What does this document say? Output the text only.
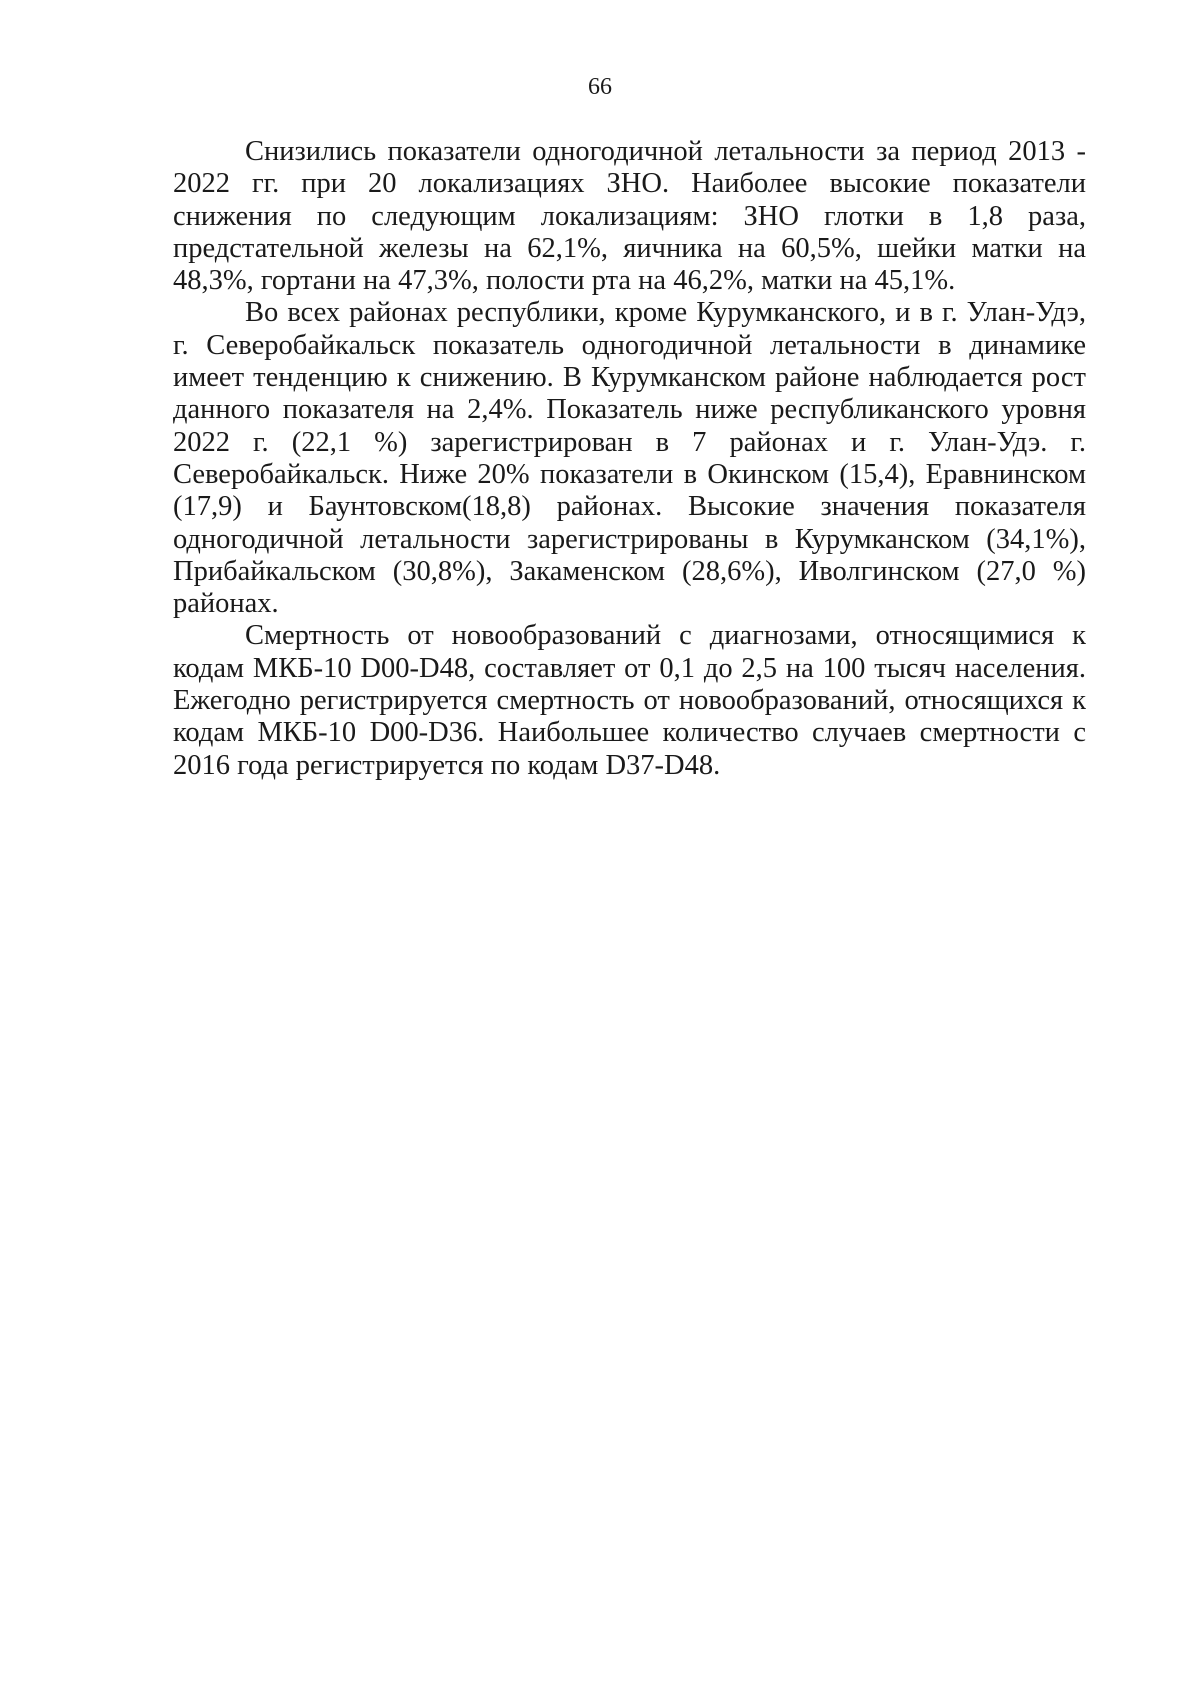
66

Снизились показатели одногодичной летальности за период 2013 - 2022 гг. при 20 локализациях ЗНО. Наиболее высокие показатели снижения по следующим локализациям: ЗНО глотки в 1,8 раза, предстательной железы на 62,1%, яичника на 60,5%, шейки матки на 48,3%, гортани на 47,3%, полости рта на 46,2%, матки на 45,1%.

Во всех районах республики, кроме Курумканского, и в г. Улан-Удэ, г. Северобайкальск показатель одногодичной летальности в динамике имеет тенденцию к снижению. В Курумканском районе наблюдается рост данного показателя на 2,4%. Показатель ниже республиканского уровня 2022 г. (22,1 %) зарегистрирован в 7 районах и г. Улан-Удэ. г. Северобайкальск. Ниже 20% показатели в Окинском (15,4), Еравнинском (17,9) и Баунтовском(18,8) районах. Высокие значения показателя одногодичной летальности зарегистрированы в Курумканском (34,1%), Прибайкальском (30,8%), Закаменском (28,6%), Иволгинском (27,0 %) районах.

Смертность от новообразований с диагнозами, относящимися к кодам МКБ-10 D00-D48, составляет от 0,1 до 2,5 на 100 тысяч населения. Ежегодно регистрируется смертность от новообразований, относящихся к кодам МКБ-10 D00-D36. Наибольшее количество случаев смертности с 2016 года регистрируется по кодам D37-D48.
